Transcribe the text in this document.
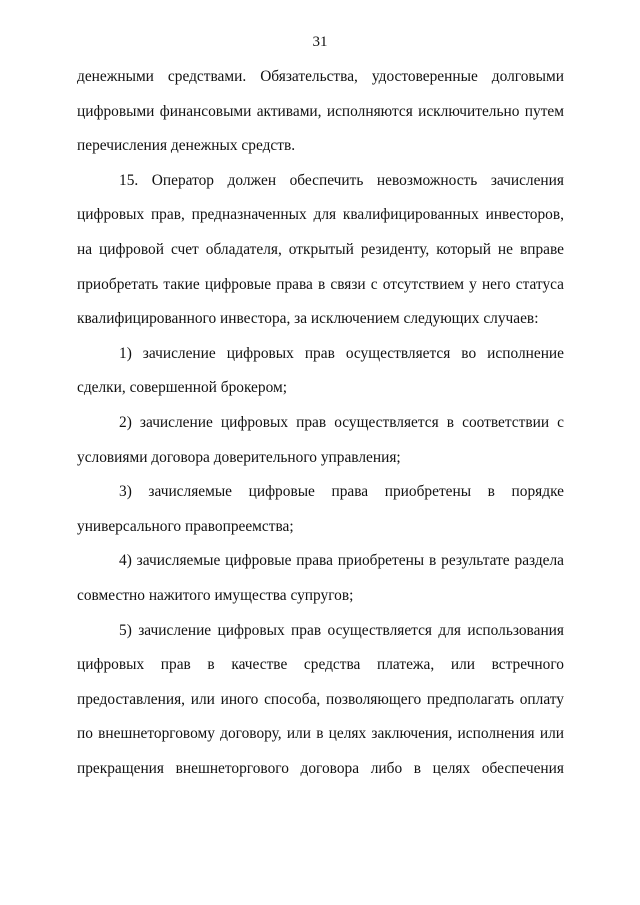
31

денежными средствами. Обязательства, удостоверенные долговыми цифровыми финансовыми активами, исполняются исключительно путем перечисления денежных средств.

15. Оператор должен обеспечить невозможность зачисления цифровых прав, предназначенных для квалифицированных инвесторов, на цифровой счет обладателя, открытый резиденту, который не вправе приобретать такие цифровые права в связи с отсутствием у него статуса квалифицированного инвестора, за исключением следующих случаев:

1) зачисление цифровых прав осуществляется во исполнение сделки, совершенной брокером;

2) зачисление цифровых прав осуществляется в соответствии с условиями договора доверительного управления;

3) зачисляемые цифровые права приобретены в порядке универсального правопреемства;

4) зачисляемые цифровые права приобретены в результате раздела совместно нажитого имущества супругов;

5) зачисление цифровых прав осуществляется для использования цифровых прав в качестве средства платежа, или встречного предоставления, или иного способа, позволяющего предполагать оплату по внешнеторговому договору, или в целях заключения, исполнения или прекращения внешнеторгового договора либо в целях обеспечения
